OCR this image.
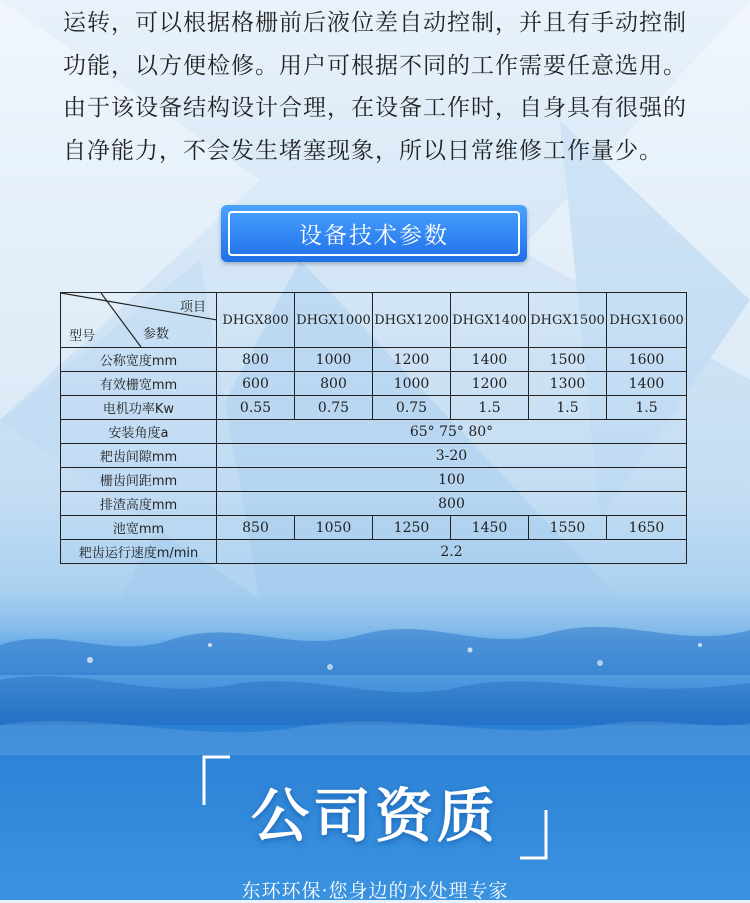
运转，可以根据格栅前后液位差自动控制，并且有手动控制功能，以方便检修。用户可根据不同的工作需要任意选用。由于该设备结构设计合理，在设备工作时，自身具有很强的自净能力，不会发生堵塞现象，所以日常维修工作量少。

设备技术参数
项目
参数
型号	DHGX800	DHGX1000	DHGX1200	DHGX1400	DHGX1500	DHGX1600
公称宽度mm	800	1000	1200	1400	1500	1600
有效栅宽mm	600	800	1000	1200	1300	1400
电机功率Kw	0.55	0.75	0.75	1.5	1.5	1.5
安装角度a	65° 75° 80°					
耙齿间隙mm	3-20					
栅齿间距mm	100					
排渣高度mm	800					
池宽mm	850	1050	1250	1450	1550	1650
耙齿运行速度m/min	2.2					
公司资质
东环环保·您身边的水处理专家
